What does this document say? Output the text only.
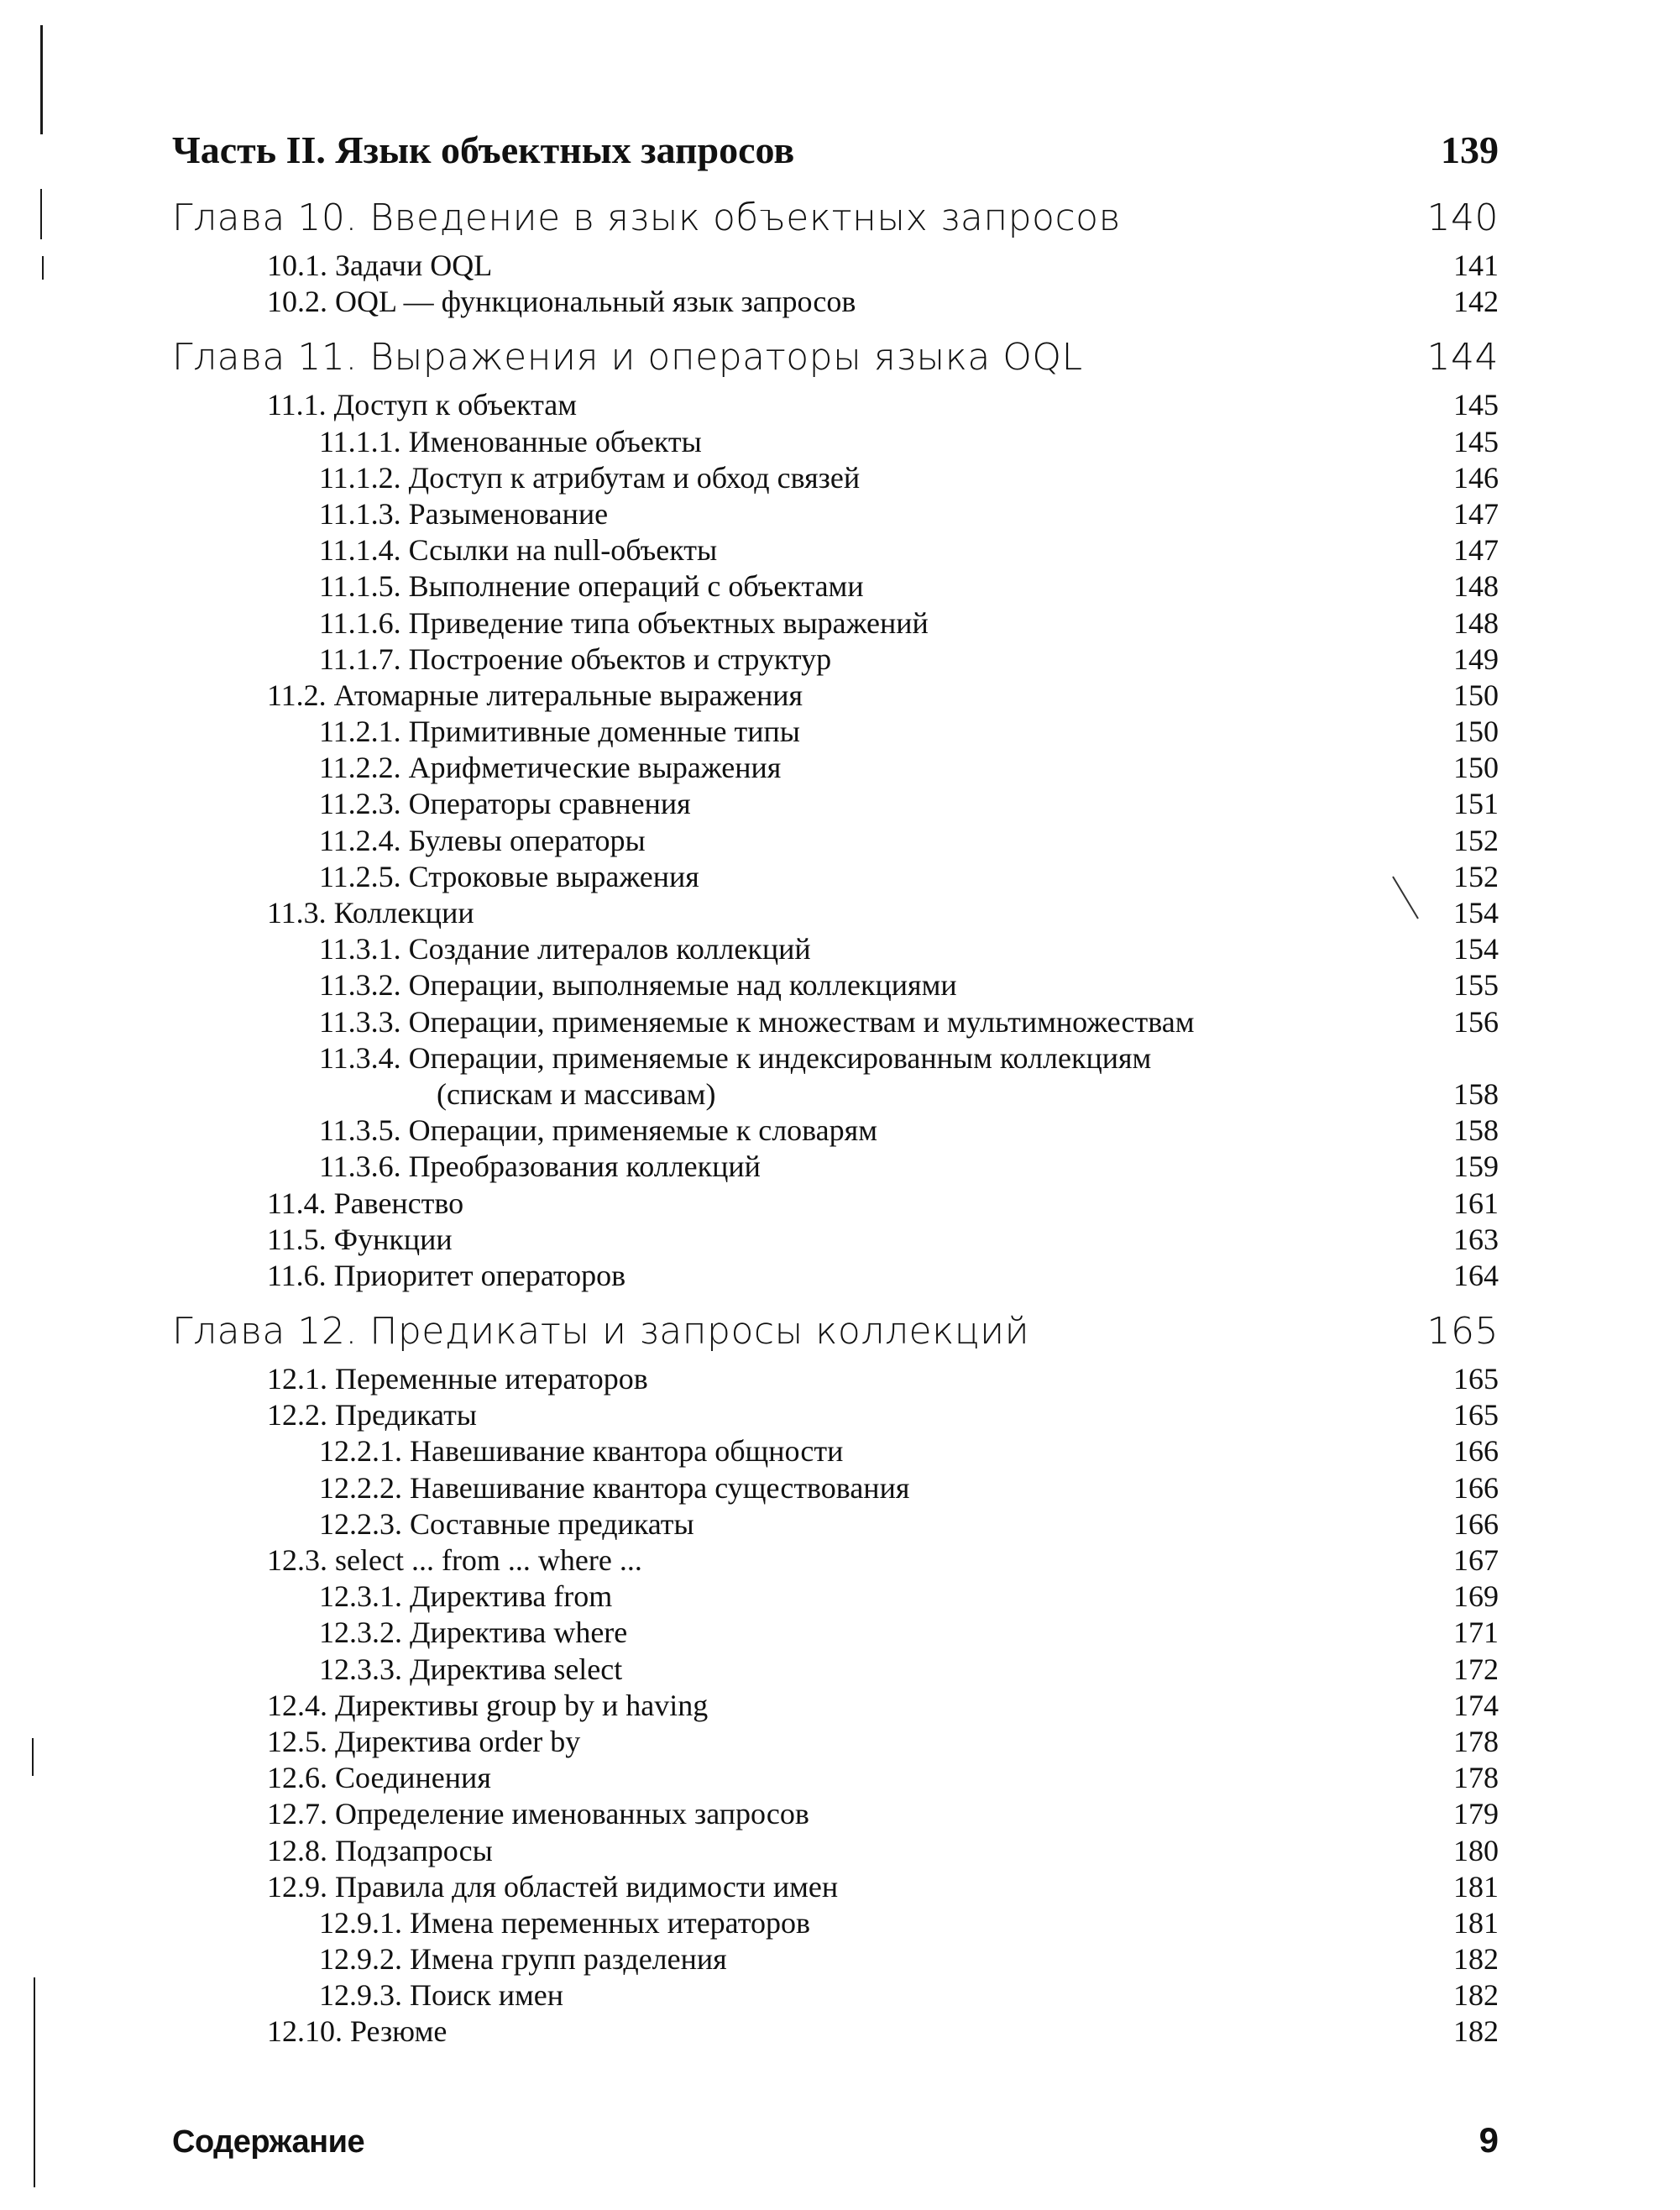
Часть II. Язык объектных запросов	139
Глава 10. Введение в язык объектных запросов	140
10.1. Задачи OQL	141
10.2. OQL — функциональный язык запросов	142
Глава 11. Выражения и операторы языка OQL	144
11.1. Доступ к объектам	145
11.1.1. Именованные объекты	145
11.1.2. Доступ к атрибутам и обход связей	146
11.1.3. Разыменование	147
11.1.4. Ссылки на null-объекты	147
11.1.5. Выполнение операций с объектами	148
11.1.6. Приведение типа объектных выражений	148
11.1.7. Построение объектов и структур	149
11.2. Атомарные литеральные выражения	150
11.2.1. Примитивные доменные типы	150
11.2.2. Арифметические выражения	150
11.2.3. Операторы сравнения	151
11.2.4. Булевы операторы	152
11.2.5. Строковые выражения	152
11.3. Коллекции	154
11.3.1. Создание литералов коллекций	154
11.3.2. Операции, выполняемые над коллекциями	155
11.3.3. Операции, применяемые к множествам и мультимножествам	156
11.3.4. Операции, применяемые к индексированным коллекциям
(спискам и массивам)	158
11.3.5. Операции, применяемые к словарям	158
11.3.6. Преобразования коллекций	159
11.4. Равенство	161
11.5. Функции	163
11.6. Приоритет операторов	164
Глава 12. Предикаты и запросы коллекций	165
12.1. Переменные итераторов	165
12.2. Предикаты	165
12.2.1. Навешивание квантора общности	166
12.2.2. Навешивание квантора существования	166
12.2.3. Составные предикаты	166
12.3. select ... from ... where ...	167
12.3.1. Директива from	169
12.3.2. Директива where	171
12.3.3. Директива select	172
12.4. Директивы group by и having	174
12.5. Директива order by	178
12.6. Соединения	178
12.7. Определение именованных запросов	179
12.8. Подзапросы	180
12.9. Правила для областей видимости имен	181
12.9.1. Имена переменных итераторов	181
12.9.2. Имена групп разделения	182
12.9.3. Поиск имен	182
12.10. Резюме	182
Содержание	9
